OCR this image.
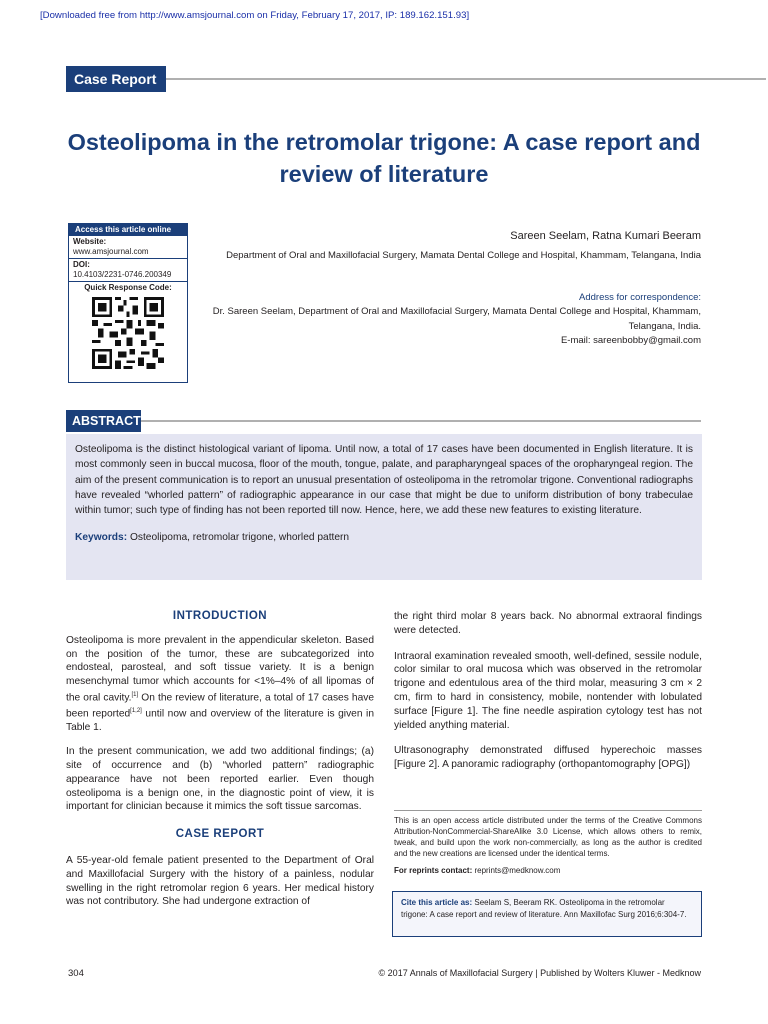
[Downloaded free from http://www.amsjournal.com on Friday, February 17, 2017, IP: 189.162.151.93]
Case Report
Osteolipoma in the retromolar trigone: A case report and review of literature
Access this article online
Website:
www.amsjournal.com
DOI:
10.4103/2231-0746.200349
Quick Response Code:
Sareen Seelam, Ratna Kumari Beeram
Department of Oral and Maxillofacial Surgery, Mamata Dental College and Hospital, Khammam, Telangana, India
Address for correspondence:
Dr. Sareen Seelam, Department of Oral and Maxillofacial Surgery, Mamata Dental College and Hospital, Khammam, Telangana, India.
E-mail: sareenbobby@gmail.com
ABSTRACT
Osteolipoma is the distinct histological variant of lipoma. Until now, a total of 17 cases have been documented in English literature. It is most commonly seen in buccal mucosa, floor of the mouth, tongue, palate, and parapharyngeal spaces of the oropharyngeal region. The aim of the present communication is to report an unusual presentation of osteolipoma in the retromolar trigone. Conventional radiographs have revealed “whorled pattern” of radiographic appearance in our case that might be due to uniform distribution of bony trabeculae within tumor; such type of finding has not been reported till now. Hence, here, we add these new features to existing literature.
Keywords: Osteolipoma, retromolar trigone, whorled pattern
INTRODUCTION

Osteolipoma is more prevalent in the appendicular skeleton. Based on the position of the tumor, these are subcategorized into endosteal, parosteal, and soft tissue variety. It is a benign mesenchymal tumor which accounts for <1%–4% of all lipomas of the oral cavity.[1] On the review of literature, a total of 17 cases have been reported[1,2] until now and overview of the literature is given in Table 1.

In the present communication, we add two additional findings; (a) site of occurrence and (b) “whorled pattern” radiographic appearance have not been reported earlier. Even though osteolipoma is a benign one, in the diagnostic point of view, it is important for clinician because it mimics the soft tissue sarcomas.

CASE REPORT

A 55-year-old female patient presented to the Department of Oral and Maxillofacial Surgery with the history of a painless, nodular swelling in the right retromolar region 6 years. Her medical history was not contributory. She had undergone extraction of

the right third molar 8 years back. No abnormal extraoral findings were detected.

Intraoral examination revealed smooth, well-defined, sessile nodule, color similar to oral mucosa which was observed in the retromolar trigone and edentulous area of the third molar, measuring 3 cm × 2 cm, firm to hard in consistency, mobile, nontender with lobulated surface [Figure 1]. The fine needle aspiration cytology test has not yielded anything material.

Ultrasonography demonstrated diffused hyperechoic masses [Figure 2]. A panoramic radiography (orthopantomography [OPG])

This is an open access article distributed under the terms of the Creative Commons Attribution-NonCommercial-ShareAlike 3.0 License, which allows others to remix, tweak, and build upon the work non-commercially, as long as the author is credited and the new creations are licensed under the identical terms.
For reprints contact: reprints@medknow.com
Cite this article as: Seelam S, Beeram RK. Osteolipoma in the retromolar trigone: A case report and review of literature. Ann Maxillofac Surg 2016;6:304-7.
304	© 2017 Annals of Maxillofacial Surgery | Published by Wolters Kluwer - Medknow
